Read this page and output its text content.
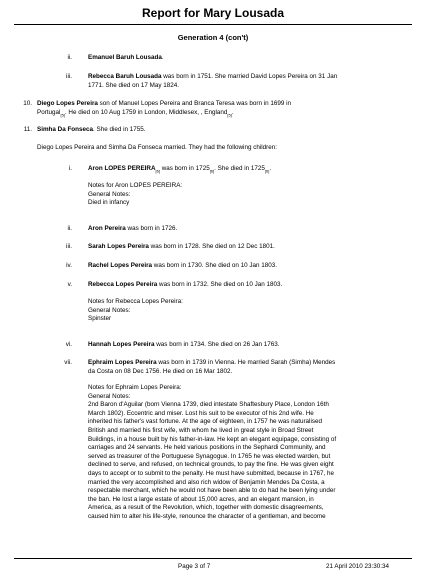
Report for Mary Lousada
Generation 4 (con't)
ii.	Emanuel Baruh Lousada.
iii.	Rebecca Baruh Lousada was born in 1751. She married David Lopes Pereira on 31 Jan
1771. She died on 17 May 1824.
10. Diego Lopes Pereira son of Manuel Lopes Pereira and Branca Teresa was born in 1699 in
Portugal$_{[5]}$. He died on 10 Aug 1759 in London, Middlesex, , England$_{[5]}$.
11. Simha Da Fonseca. She died in 1755.
Diego Lopes Pereira and Simha Da Fonseca married. They had the following children:
i.	Aron LOPES $PEREIRA_{[6]}$ was born in $1725_{[6]}$. She died in $1725_{[6]}$.
Notes for Aron LOPES PEREIRA:
General Notes:
Died in infancy
ii.	Aron Pereira was born in 1726.
iii.	Sarah Lopes Pereira was born in 1728. She died on 12 Dec 1801.
iv.	Rachel Lopes Pereira was born in 1730. She died on 10 Jan 1803.
v.	Rebecca Lopes Pereira was born in 1732. She died on 10 Jan 1803.
Notes for Rebecca Lopes Pereira:
General Notes:
Spinster
vi.	Hannah Lopes Pereira was born in 1734. She died on 26 Jan 1763.
vii.	Ephraim Lopes Pereira was born in 1739 in Vienna. He married Sarah (Simha) Mendes
da Costa on 08 Dec 1756. He died on 16 Mar 1802.
Notes for Ephraim Lopes Pereira:
General Notes:
2nd Baron d'Aguilar (born Vienna 1739, died intestate Shaftesbury Place, London 16th
March 1802). Eccentric and miser. Lost his suit to be executor of his 2nd wife. He
inherited his father's vast fortune. At the age of eighteen, in 1757 he was naturalised
British and married his first wife, with whom he lived in great style in Broad Street
Buildings, in a house built by his father-in-law. He kept an elegant equipage, consisting of
carriages and 24 servants. He held various positions in the Sephardi Community, and
served as treasurer of the Portuguese Synagogue. In 1765 he was elected warden, but
declined to serve, and refused, on technical grounds, to pay the fine. He was given eight
days to accept or to submit to the penalty. He must have submitted, because in 1767, he
married the very accomplished and also rich widow of Benjamin Mendes Da Costa, a
respectable merchant, which he would not have been able to do had he been lying under
the ban. He lost a large estate of about 15,000 acres, and an elegant mansion, in
America, as a result of the Revolution, which, together with domestic disagreements,
caused him to alter his life-style, renounce the character of a gentleman, and become
Page 3 of 7	21 April 2010 23:30:34
